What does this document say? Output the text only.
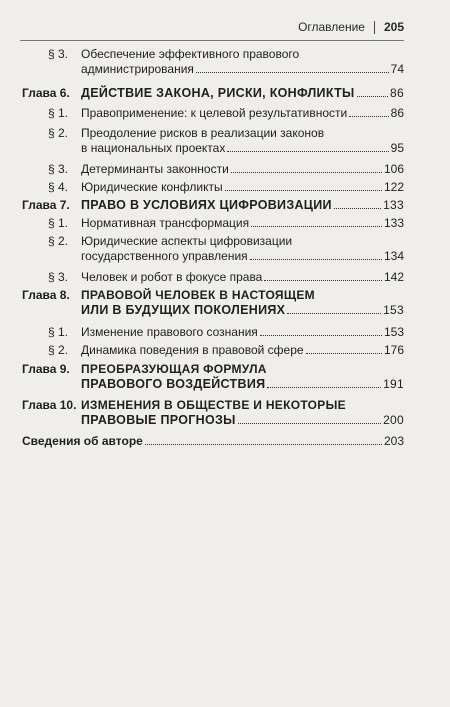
Оглавление 205
§ 3.	Обеспечение эффективного правового
администрирования	74
Глава 6. ДЕЙСТВИЕ ЗАКОНА, РИСКИ, КОНФЛИКТЫ	86
§ 1.	Правоприменение: к целевой результативности	86
§ 2.	Преодоление рисков в реализации законов
в национальных проектах	95
§ 3.	Детерминанты законности	106
§ 4.	Юридические конфликты	122
Глава 7. ПРАВО В УСЛОВИЯХ ЦИФРОВИЗАЦИИ	133
§ 1.	Нормативная трансформация	133
§ 2.	Юридические аспекты цифровизации
государственного управления	134
§ 3.	Человек и робот в фокусе права	142
Глава 8. ПРАВОВОЙ ЧЕЛОВЕК В НАСТОЯЩЕМ
ИЛИ В БУДУЩИХ ПОКОЛЕНИЯХ	153
§ 1.	Изменение правового сознания	153
§ 2.	Динамика поведения в правовой сфере	176
Глава 9. ПРЕОБРАЗУЮЩАЯ ФОРМУЛА
ПРАВОВОГО ВОЗДЕЙСТВИЯ	191
Глава 10. ИЗМЕНЕНИЯ В ОБЩЕСТВЕ И НЕКОТОРЫЕ
ПРАВОВЫЕ ПРОГНОЗЫ	200
Сведения об авторе	203
